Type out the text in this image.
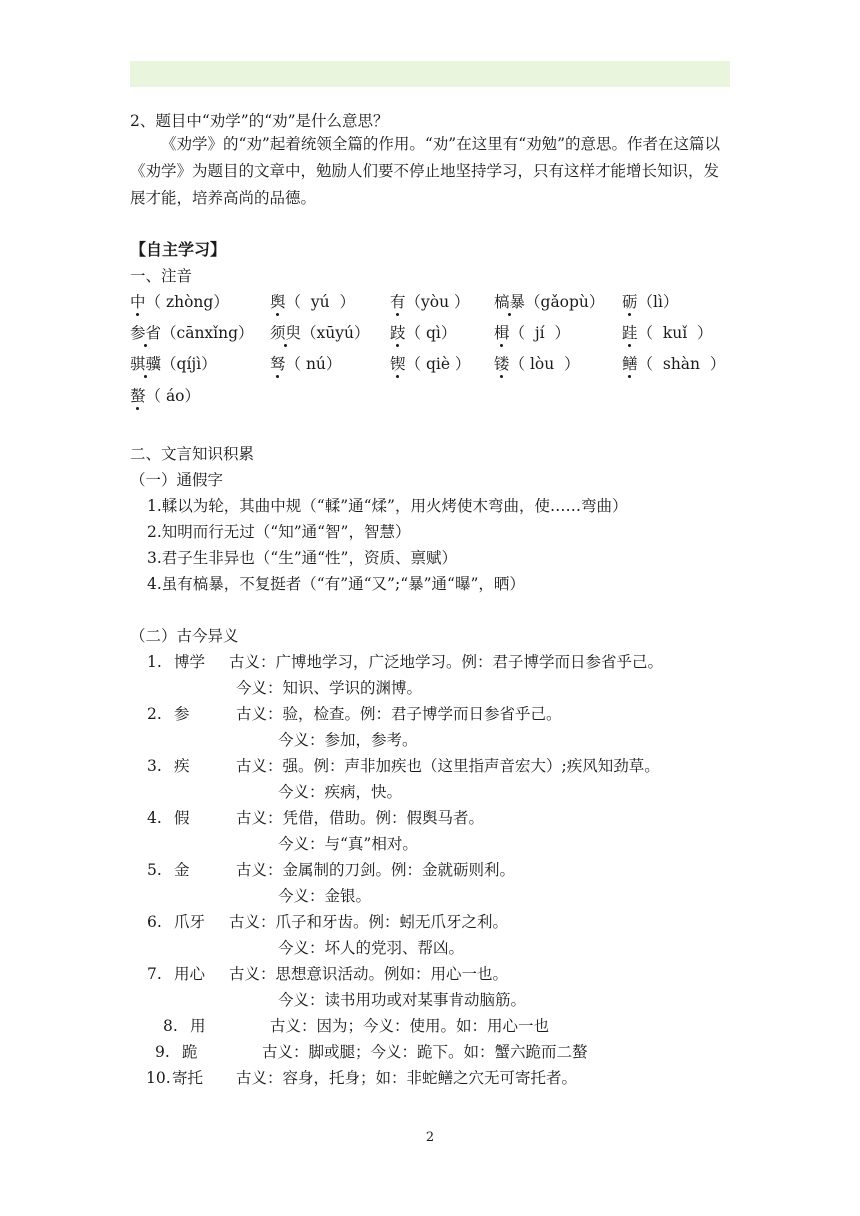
2、题目中“劝学”的“劝”是什么意思？
《劝学》的“劝”起着统领全篇的作用。“劝”在这里有“劝勉”的意思。作者在这篇以《劝学》为题目的文章中，勉励人们要不停止地坚持学习，只有这样才能增长知识，发展才能，培养高尚的品德。
【自主学习】
一、注音
中（ zhòng）	舆（  yú  ） 有（yòu ） 槁暴（gǎopù） 砺（lì）
参省（cānxǐng） 须臾（xūyú） 跂（ qì） 楫（  jí  ）	跬（  kuǐ  ）
骐骥（qíjì）	驽（ nú）	锲（ qiè ） 镂（ lòu  ）	鳝（  shàn  ）
螯（ áo）
二、文言知识积累
（一）通假字
1.輮以为轮，其曲中规（“輮”通“煣”，用火烤使木弯曲，使……弯曲）
2.知明而行无过（“知”通“智”，智慧）
3.君子生非异也（“生”通“性”，资质、禀赋）
4.虽有槁暴，不复挺者（“有”通“又”;“暴”通“曝”，晒）
（二）古今异义
1. 博学 古义：广博地学习，广泛地学习。例：君子博学而日参省乎己。
今义：知识、学识的渊博。
2. 参	古义：验，检查。例：君子博学而日参省乎己。
今义：参加，参考。
3. 疾	古义：强。例：声非加疾也（这里指声音宏大）;疾风知劲草。
今义：疾病，快。
4. 假	古义：凭借，借助。例：假舆马者。
今义：与“真”相对。
5. 金	古义：金属制的刀剑。例：金就砺则利。
今义：金银。
6. 爪牙 古义：爪子和牙齿。例：蚓无爪牙之利。
今义：坏人的党羽、帮凶。
7. 用心 古义：思想意识活动。例如：用心一也。
今义：读书用功或对某事肯动脑筋。
8. 用	古义：因为；今义：使用。如：用心一也
9. 跪	古义：脚或腿；今义：跪下。如：蟹六跪而二螯
10. 寄托 古义：容身，托身；如：非蛇鳝之穴无可寄托者。
2
